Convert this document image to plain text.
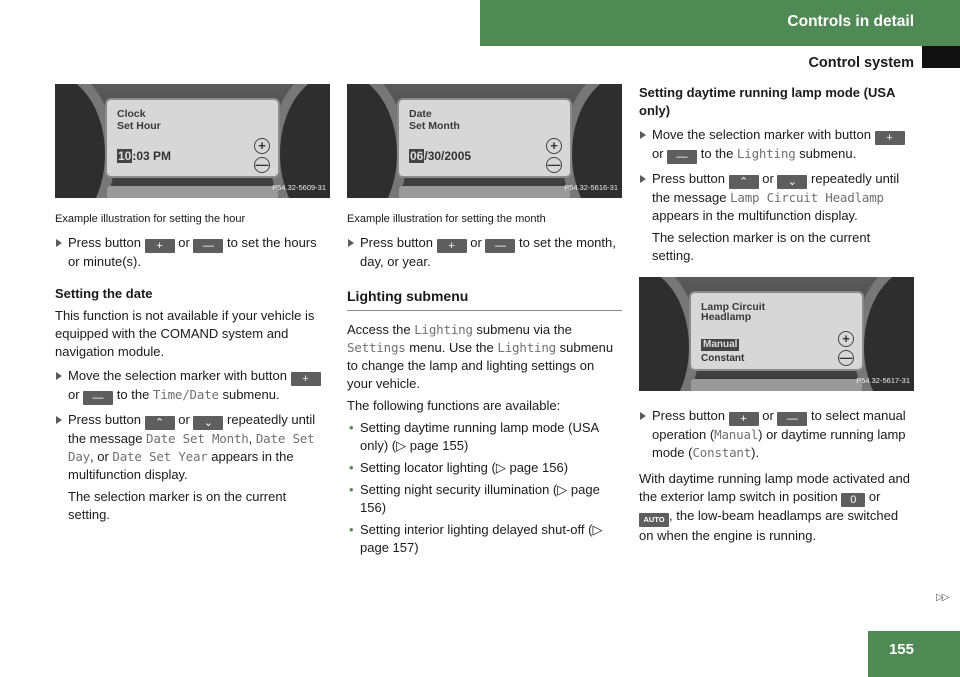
Controls in detail
Control system
Clock
Set Hour
10:03 PM
+
—
P54.32-5609-31
Example illustration for setting the hour
Press button + or — to set the hours or minute(s).
Setting the date

This function is not available if your vehicle is equipped with the COMAND system and navigation module.

Move the selection marker with button + or — to the Time/Date submenu.
Press button ⌃ or ⌄ repeatedly until the message Date Set Month, Date Set Day, or Date Set Year appears in the multifunction display.
The selection marker is on the current setting.
Date
Set Month
06/30/2005
+
—
P54.32-5616-31
Example illustration for setting the month
Press button + or — to set the month, day, or year.
Lighting submenu

Access the Lighting submenu via the Settings menu. Use the Lighting submenu to change the lamp and lighting settings on your vehicle.

The following functions are available:

• Setting daytime running lamp mode (USA only) (▷ page 155)
• Setting locator lighting (▷ page 156)
• Setting night security illumination (▷ page 156)
• Setting interior lighting delayed shut-off (▷ page 157)
Setting daytime running lamp mode (USA only)
Move the selection marker with button + or — to the Lighting submenu.
Press button ⌃ or ⌄ repeatedly until the message Lamp Circuit Headlamp appears in the multifunction display.
The selection marker is on the current setting.
Lamp Circuit
Headlamp
Manual
Constant
+
—
P54.32-5617-31
Press button + or — to select manual operation (Manual) or daytime running lamp mode (Constant).

With daytime running lamp mode activated and the exterior lamp switch in position 0 or AUTO , the low-beam headlamps are switched on when the engine is running.

▷▷
155
